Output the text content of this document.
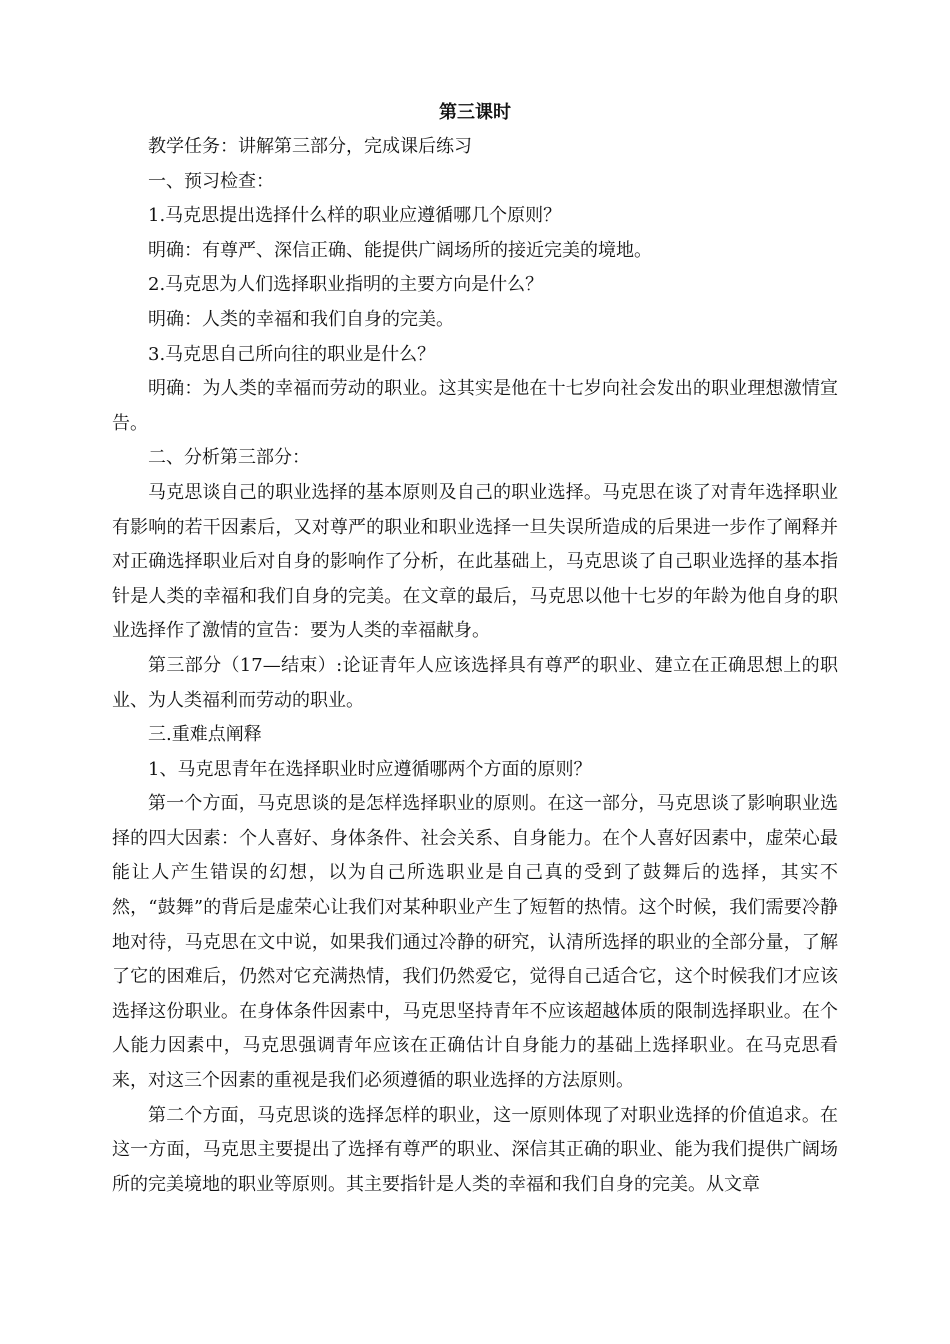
第三课时

教学任务：讲解第三部分，完成课后练习

一、预习检查：

1.马克思提出选择什么样的职业应遵循哪几个原则？

明确：有尊严、深信正确、能提供广阔场所的接近完美的境地。

2.马克思为人们选择职业指明的主要方向是什么？

明确：人类的幸福和我们自身的完美。

3.马克思自己所向往的职业是什么？

明确：为人类的幸福而劳动的职业。这其实是他在十七岁向社会发出的职业理想激情宣告。

二、分析第三部分：

马克思谈自己的职业选择的基本原则及自己的职业选择。马克思在谈了对青年选择职业有影响的若干因素后，又对尊严的职业和职业选择一旦失误所造成的后果进一步作了阐释并对正确选择职业后对自身的影响作了分析，在此基础上，马克思谈了自己职业选择的基本指针是人类的幸福和我们自身的完美。在文章的最后，马克思以他十七岁的年龄为他自身的职业选择作了激情的宣告：要为人类的幸福献身。

第三部分（17—结束）:论证青年人应该选择具有尊严的职业、建立在正确思想上的职业、为人类福利而劳动的职业。

三.重难点阐释

1、马克思青年在选择职业时应遵循哪两个方面的原则？

第一个方面，马克思谈的是怎样选择职业的原则。在这一部分，马克思谈了影响职业选择的四大因素：个人喜好、身体条件、社会关系、自身能力。在个人喜好因素中，虚荣心最能让人产生错误的幻想，以为自己所选职业是自己真的受到了鼓舞后的选择，其实不然，“鼓舞”的背后是虚荣心让我们对某种职业产生了短暂的热情。这个时候，我们需要冷静地对待，马克思在文中说，如果我们通过冷静的研究，认清所选择的职业的全部分量，了解了它的困难后，仍然对它充满热情，我们仍然爱它，觉得自己适合它，这个时候我们才应该选择这份职业。在身体条件因素中，马克思坚持青年不应该超越体质的限制选择职业。在个人能力因素中，马克思强调青年应该在正确估计自身能力的基础上选择职业。在马克思看来，对这三个因素的重视是我们必须遵循的职业选择的方法原则。

第二个方面，马克思谈的选择怎样的职业，这一原则体现了对职业选择的价值追求。在这一方面，马克思主要提出了选择有尊严的职业、深信其正确的职业、能为我们提供广阔场所的完美境地的职业等原则。其主要指针是人类的幸福和我们自身的完美。从文章
